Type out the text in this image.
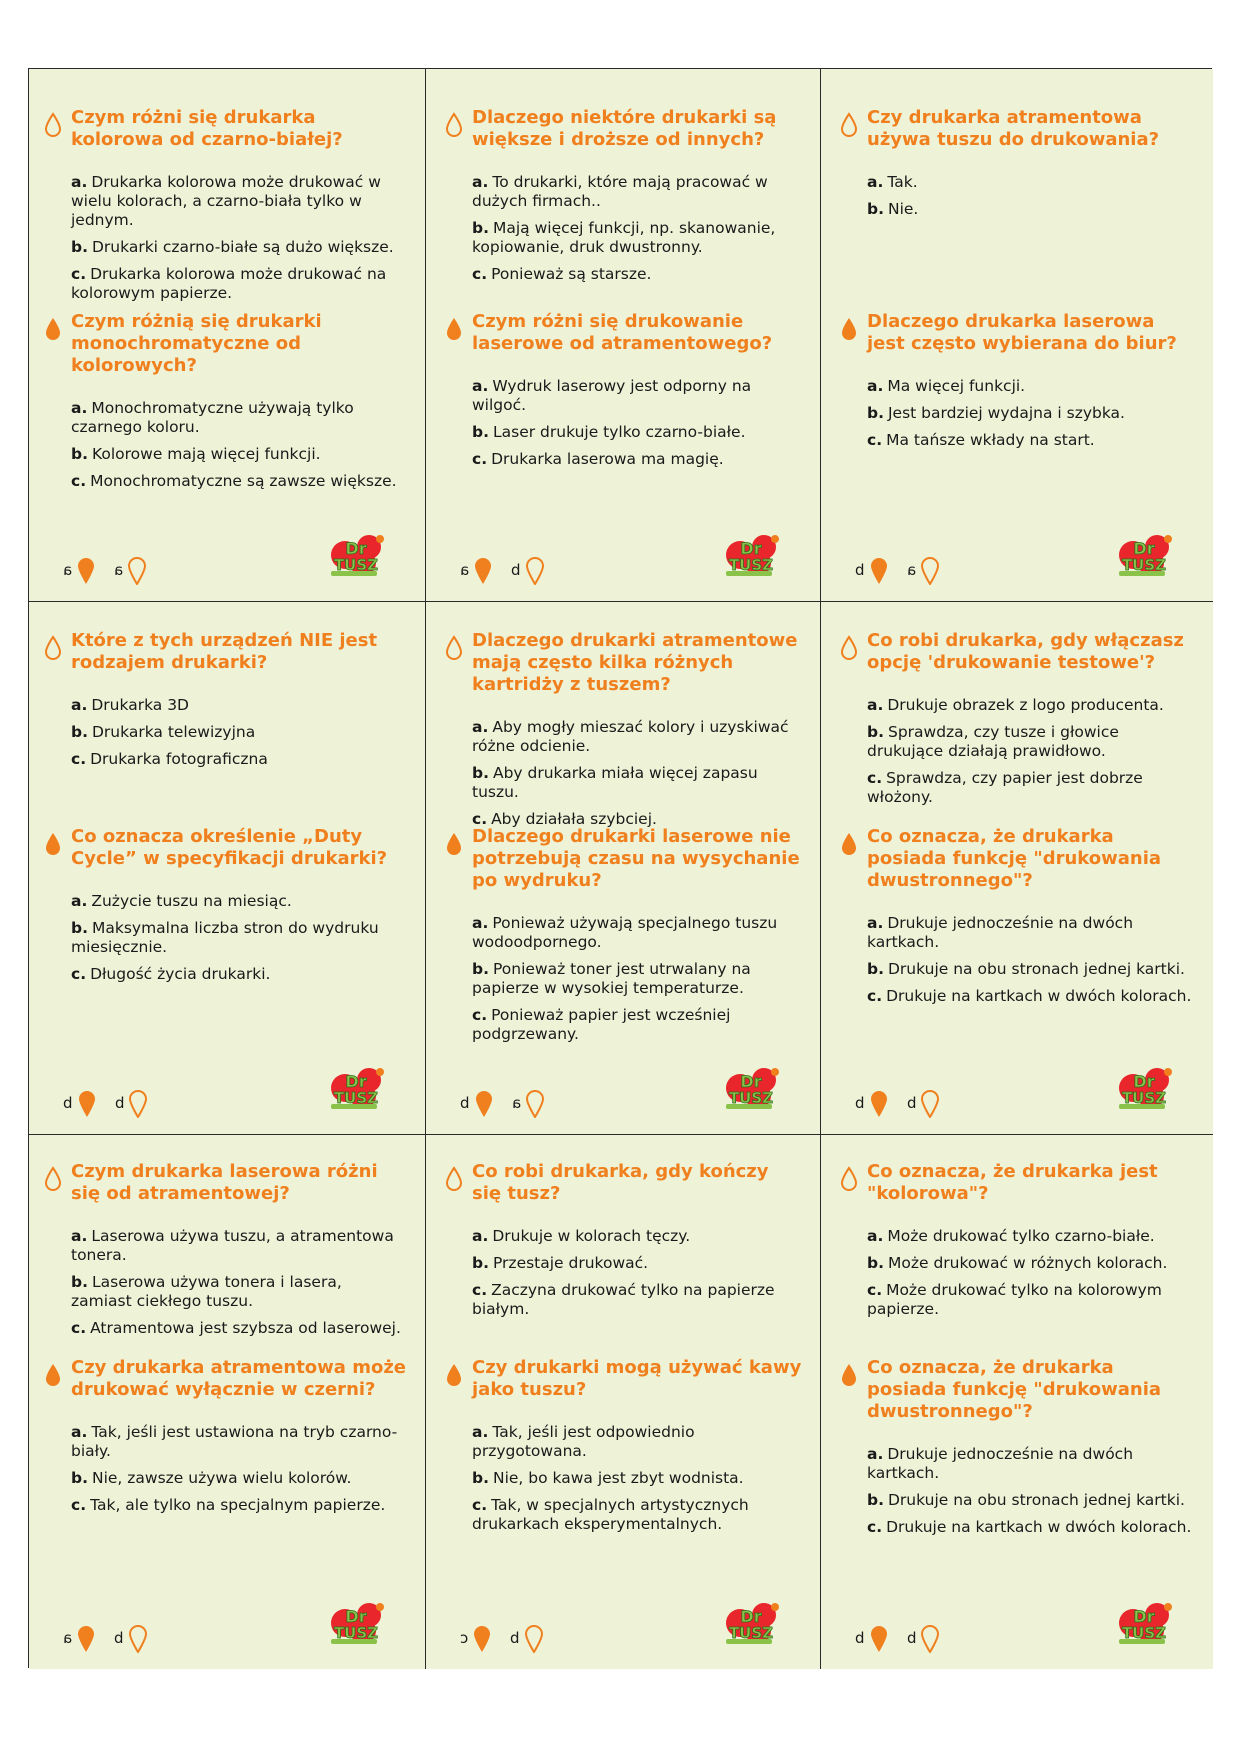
Czym różni się drukarka kolorowa od czarno-białej?
a. Drukarka kolorowa może drukować w wielu kolorach, a czarno-biała tylko w jednym.
b. Drukarki czarno-białe są dużo większe.
c. Drukarka kolorowa może drukować na kolorowym papierze.
Czym różnią się drukarki monochromatyczne od kolorowych?
a. Monochromatyczne używają tylko czarnego koloru.
b. Kolorowe mają więcej funkcji.
c. Monochromatyczne są zawsze większe.
a	a
Dr
TUSZ
Dlaczego niektóre drukarki są większe i droższe od innych?
a. To drukarki, które mają pracować w dużych firmach..
b. Mają więcej funkcji, np. skanowanie, kopiowanie, druk dwustronny.
c. Ponieważ są starsze.
Czym różni się drukowanie laserowe od atramentowego?
a. Wydruk laserowy jest odporny na wilgoć.
b. Laser drukuje tylko czarno-białe.
c. Drukarka laserowa ma magię.
a	b
Dr
TUSZ
Czy drukarka atramentowa używa tuszu do drukowania?
a. Tak.
b. Nie.
Dlaczego drukarka laserowa jest często wybierana do biur?
a. Ma więcej funkcji.
b. Jest bardziej wydajna i szybka.
c. Ma tańsze wkłady na start.
b	a
Dr
TUSZ
Które z tych urządzeń NIE jest rodzajem drukarki?
a. Drukarka 3D
b. Drukarka telewizyjna
c. Drukarka fotograficzna
Co oznacza określenie „Duty Cycle” w specyfikacji drukarki?
a. Zużycie tuszu na miesiąc.
b. Maksymalna liczba stron do wydruku miesięcznie.
c. Długość życia drukarki.
b	b
Dr
TUSZ
Dlaczego drukarki atramentowe mają często kilka różnych kartridży z tuszem?
a. Aby mogły mieszać kolory i uzyskiwać różne odcienie.
b. Aby drukarka miała więcej zapasu tuszu.
c. Aby działała szybciej.
Dlaczego drukarki laserowe nie potrzebują czasu na wysychanie po wydruku?
a. Ponieważ używają specjalnego tuszu wodoodpornego.
b. Ponieważ toner jest utrwalany na papierze w wysokiej temperaturze.
c. Ponieważ papier jest wcześniej podgrzewany.
b	a
Dr
TUSZ
Co robi drukarka, gdy włączasz opcję 'drukowanie testowe'?
a. Drukuje obrazek z logo producenta.
b. Sprawdza, czy tusze i głowice drukujące działają prawidłowo.
c. Sprawdza, czy papier jest dobrze włożony.
Co oznacza, że drukarka posiada funkcję "drukowania dwustronnego"?
a. Drukuje jednocześnie na dwóch kartkach.
b. Drukuje na obu stronach jednej kartki.
c. Drukuje na kartkach w dwóch kolorach.
b	b
Dr
TUSZ
Czym drukarka laserowa różni się od atramentowej?
a. Laserowa używa tuszu, a atramentowa tonera.
b. Laserowa używa tonera i lasera, zamiast ciekłego tuszu.
c. Atramentowa jest szybsza od laserowej.
Czy drukarka atramentowa może drukować wyłącznie w czerni?
a. Tak, jeśli jest ustawiona na tryb czarno-biały.
b. Nie, zawsze używa wielu kolorów.
c. Tak, ale tylko na specjalnym papierze.
a	b
Dr
TUSZ
Co robi drukarka, gdy kończy się tusz?
a. Drukuje w kolorach tęczy.
b. Przestaje drukować.
c. Zaczyna drukować tylko na papierze białym.
Czy drukarki mogą używać kawy jako tuszu?
a. Tak, jeśli jest odpowiednio przygotowana.
b. Nie, bo kawa jest zbyt wodnista.
c. Tak, w specjalnych artystycznych drukarkach eksperymentalnych.
c	b
Dr
TUSZ
Co oznacza, że drukarka jest "kolorowa"?
a. Może drukować tylko czarno-białe.
b. Może drukować w różnych kolorach.
c. Może drukować tylko na kolorowym papierze.
Co oznacza, że drukarka posiada funkcję "drukowania dwustronnego"?
a. Drukuje jednocześnie na dwóch kartkach.
b. Drukuje na obu stronach jednej kartki.
c. Drukuje na kartkach w dwóch kolorach.
b	b
Dr
TUSZ
